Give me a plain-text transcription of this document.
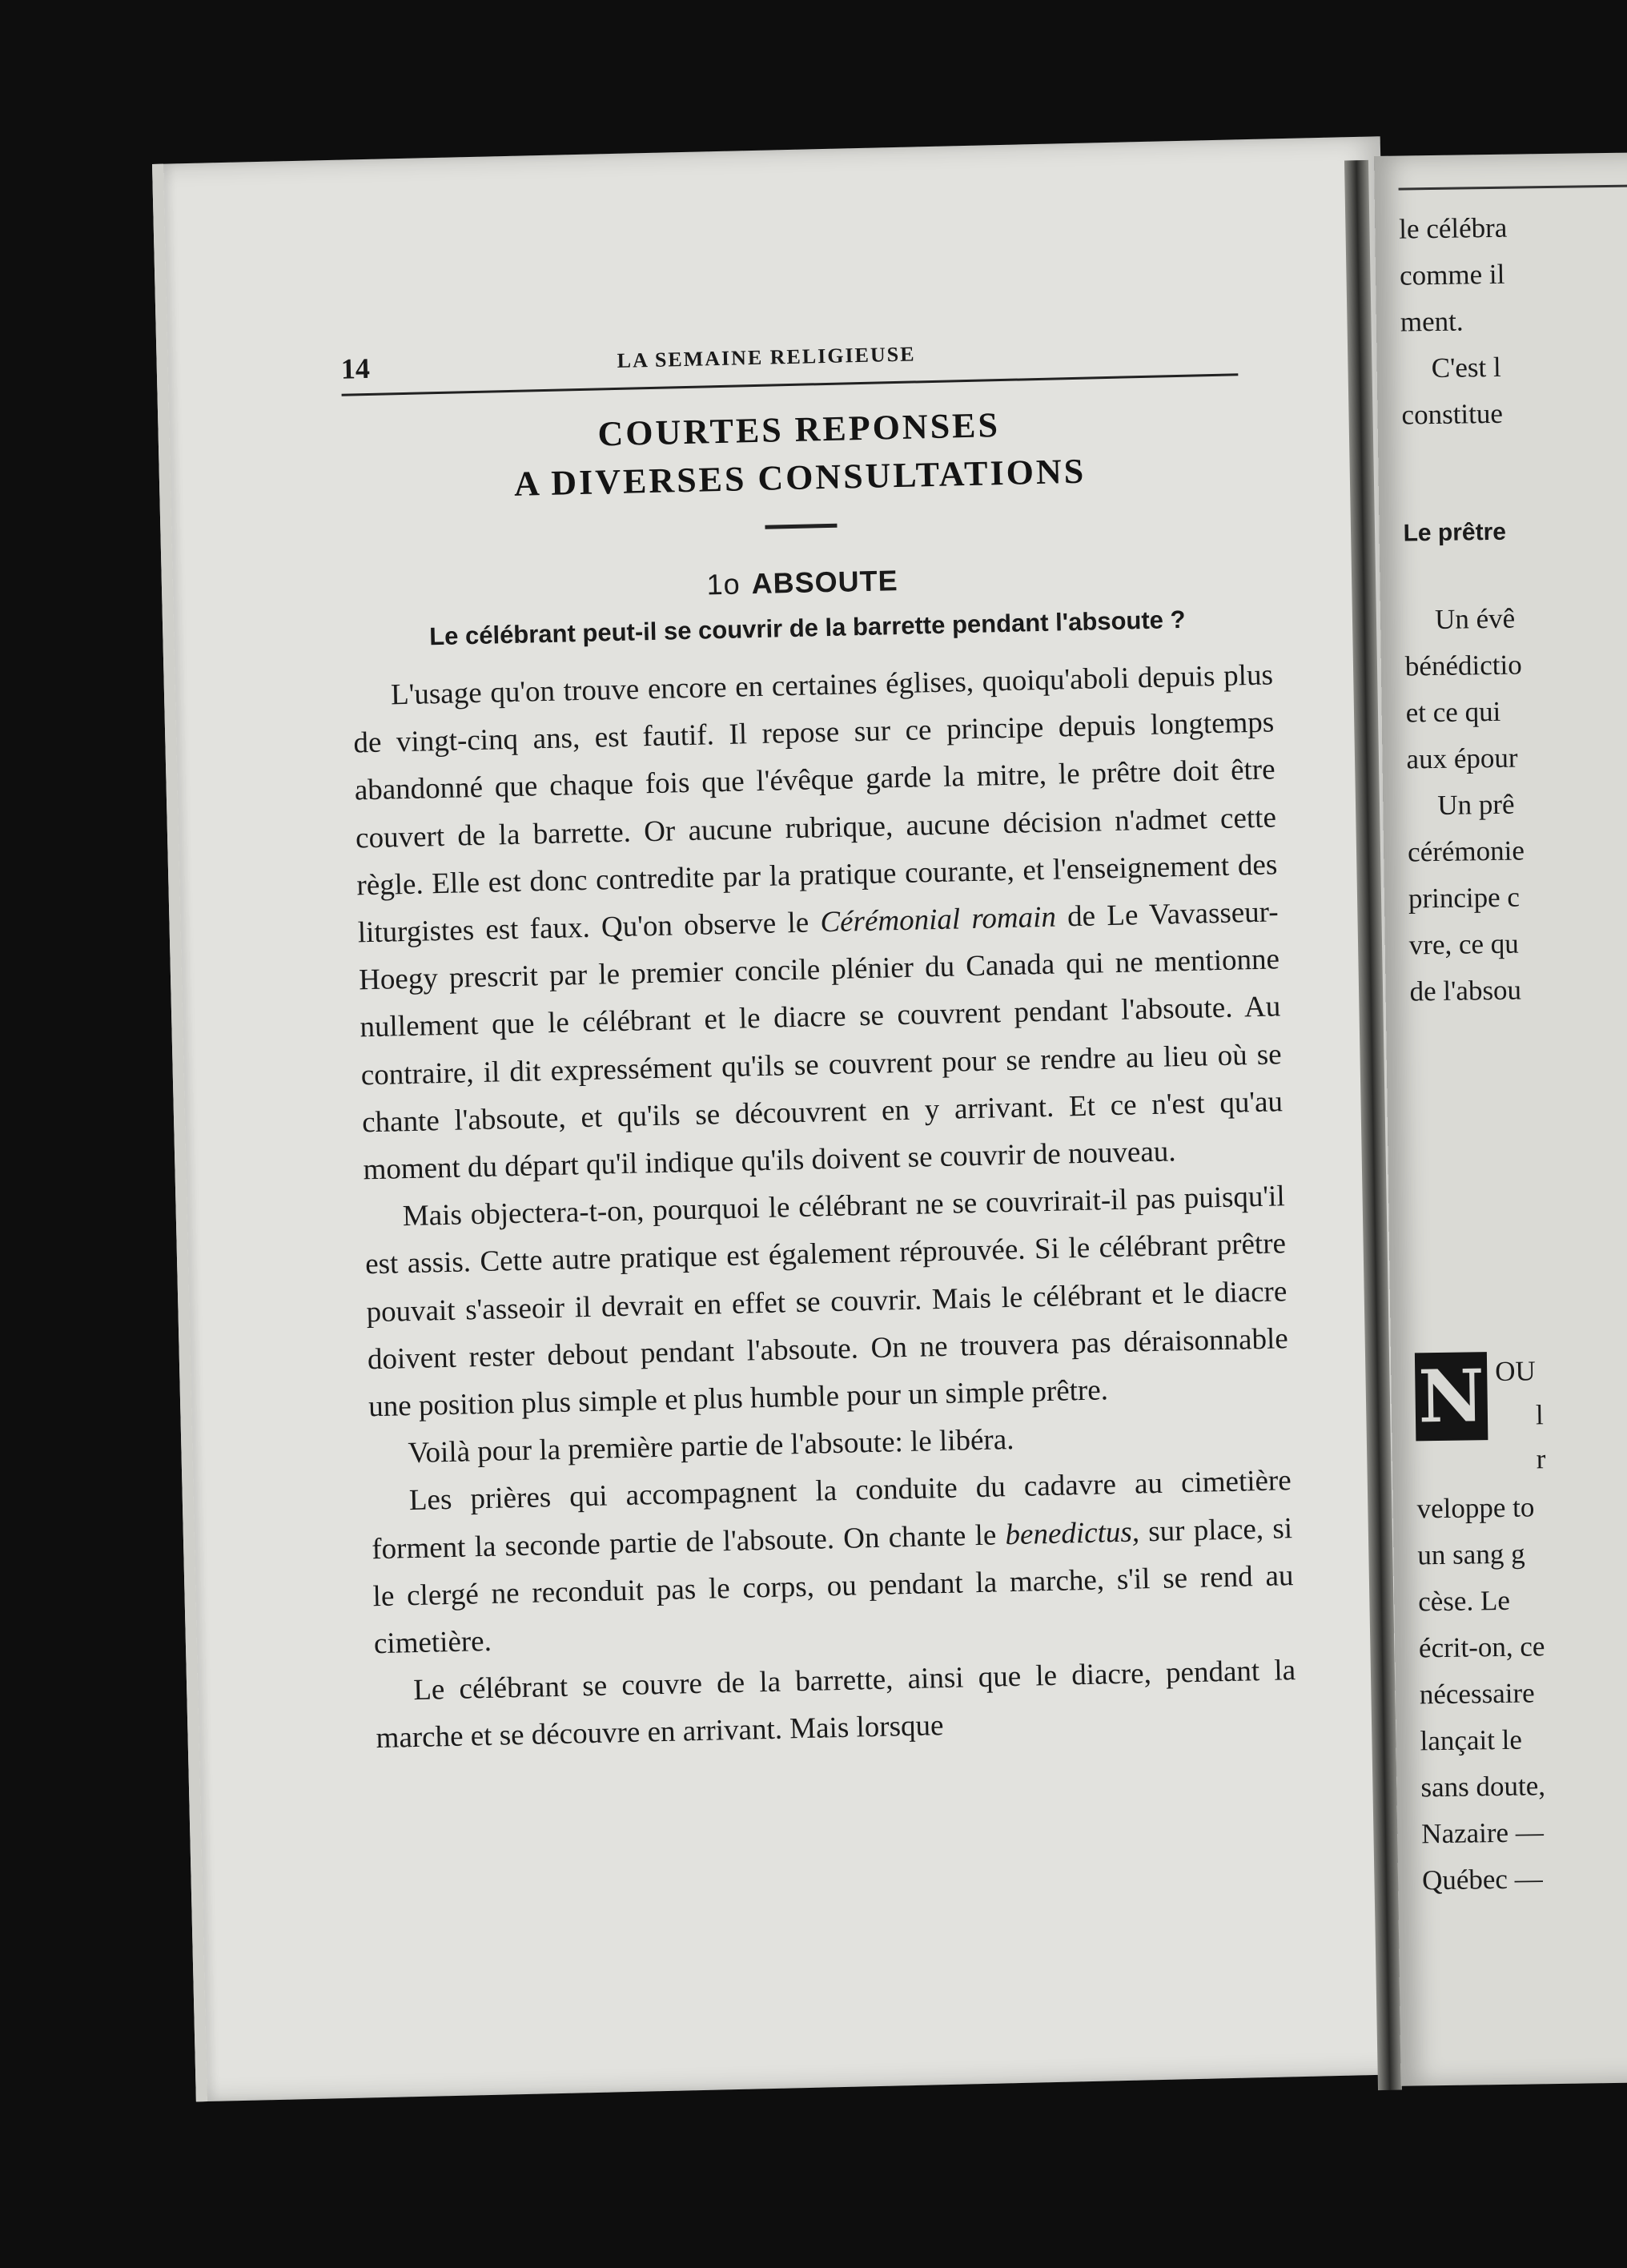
le célébra
comme il
ment.
C'est l
constitue
Le prêtre
Un évê
bénédictio
et ce qui
aux épour
Un prê
cérémonie
principe c
vre, ce qu
de l'absou
N OU
l
r
veloppe to
un sang g
cèse. Le
écrit-on, ce
nécessaire
lançait le
sans doute,
Nazaire —
Québec —
14	LA SEMAINE RELIGIEUSE
COURTES REPONSES
A DIVERSES CONSULTATIONS
1o ABSOUTE
Le célébrant peut-il se couvrir de la barrette pendant l'absoute ?

L'usage qu'on trouve encore en certaines églises, quoiqu'aboli depuis plus de vingt-cinq ans, est fautif. Il repose sur ce principe depuis longtemps abandonné que chaque fois que l'évêque garde la mitre, le prêtre doit être couvert de la barrette. Or aucune rubrique, aucune décision n'admet cette règle. Elle est donc contredite par la pratique courante, et l'enseignement des liturgistes est faux. Qu'on observe le Cérémonial romain de Le Vavasseur-Hoegy prescrit par le premier concile plénier du Canada qui ne mentionne nullement que le célébrant et le diacre se couvrent pendant l'absoute. Au contraire, il dit expressément qu'ils se couvrent pour se rendre au lieu où se chante l'absoute, et qu'ils se découvrent en y arrivant. Et ce n'est qu'au moment du départ qu'il indique qu'ils doivent se couvrir de nouveau.

Mais objectera-t-on, pourquoi le célébrant ne se couvrirait-il pas puisqu'il est assis. Cette autre pratique est également réprouvée. Si le célébrant prêtre pouvait s'asseoir il devrait en effet se couvrir. Mais le célébrant et le diacre doivent rester debout pendant l'absoute. On ne trouvera pas déraisonnable une position plus simple et plus humble pour un simple prêtre.

Voilà pour la première partie de l'absoute: le libéra.

Les prières qui accompagnent la conduite du cadavre au cimetière forment la seconde partie de l'absoute. On chante le benedictus, sur place, si le clergé ne reconduit pas le corps, ou pendant la marche, s'il se rend au cimetière.

Le célébrant se couvre de la barrette, ainsi que le diacre, pendant la marche et se découvre en arrivant. Mais lorsque
